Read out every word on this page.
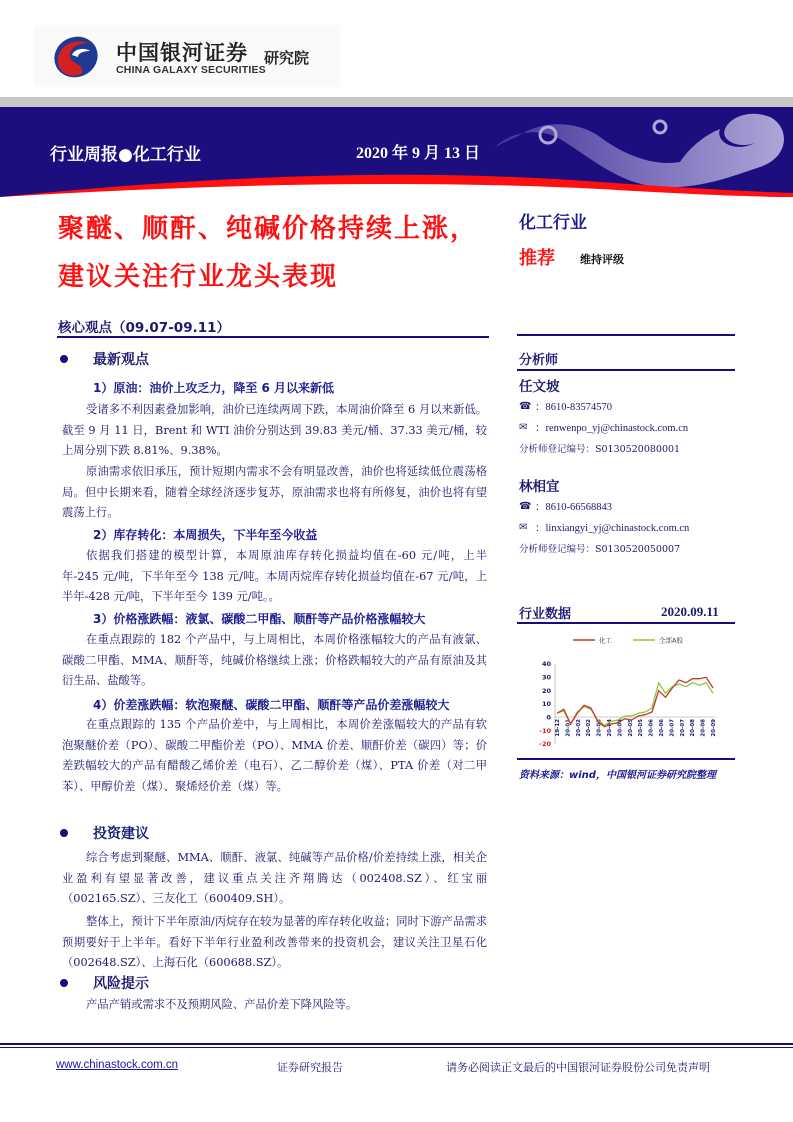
中国银河证券
CHINA GALAXY SECURITIES
研究院
行业周报●化工行业	2020 年 9 月 13 日
聚醚、顺酐、纯碱价格持续上涨，
建议关注行业龙头表现
核心观点（09.07-09.11）
化工行业
推荐 维持评级
分析师
任文坡
☎ ：8610-83574570
✉ ：renwenpo_yj@chinastock.com.cn
分析师登记编号：S0130520080001
林相宜
☎ ：8610-66568843
✉ ：linxiangyi_yj@chinastock.com.cn
分析师登记编号：S0130520050007
行业数据	2020.09.11
化工	全部A股
40
30
20
10
0
-10
-20
19-12 20-01 20-02 20-02 20-03 20-04 20-04 20-05 20-05 20-06 20-06 20-07 20-07 20-08 20-08 20-09
资料来源：wind，中国银河证券研究院整理
最新观点
1）原油：油价上攻乏力，降至 6 月以来新低
受诸多不利因素叠加影响，油价已连续两周下跌，本周油价降至 6 月以来新低。截至 9 月 11 日，Brent 和 WTI 油价分别达到 39.83 美元/桶、37.33 美元/桶，较上周分别下跌 8.81%、9.38%。
原油需求依旧承压，预计短期内需求不会有明显改善，油价也将延续低位震荡格局。但中长期来看，随着全球经济逐步复苏，原油需求也将有所修复，油价也将有望震荡上行。
2）库存转化：本周损失，下半年至今收益
依据我们搭建的模型计算，本周原油库存转化损益均值在-60 元/吨，上半年-245 元/吨，下半年至今 138 元/吨。本周丙烷库存转化损益均值在-67 元/吨，上半年-428 元/吨，下半年至今 139 元/吨。。
3）价格涨跌幅：液氯、碳酸二甲酯、顺酐等产品价格涨幅较大
在重点跟踪的 182 个产品中，与上周相比，本周价格涨幅较大的产品有液氯、碳酸二甲酯、MMA、顺酐等，纯碱价格继续上涨；价格跌幅较大的产品有原油及其衍生品、盐酸等。
4）价差涨跌幅：软泡聚醚、碳酸二甲酯、顺酐等产品价差涨幅较大
在重点跟踪的 135 个产品价差中，与上周相比，本周价差涨幅较大的产品有软泡聚醚价差（PO）、碳酸二甲酯价差（PO）、MMA 价差、顺酐价差（碳四）等；价差跌幅较大的产品有醋酸乙烯价差（电石）、乙二醇价差（煤）、PTA 价差（对二甲苯）、甲醇价差（煤）、聚烯烃价差（煤）等。
投资建议
综合考虑到聚醚、MMA、顺酐、液氯、纯碱等产品价格/价差持续上涨，相关企业盈利有望显著改善，建议重点关注齐翔腾达（002408.SZ）、红宝丽（002165.SZ）、三友化工（600409.SH）。
整体上，预计下半年原油/丙烷存在较为显著的库存转化收益；同时下游产品需求预期要好于上半年。看好下半年行业盈利改善带来的投资机会，建议关注卫星石化（002648.SZ）、上海石化（600688.SZ）。
风险提示
产品产销或需求不及预期风险、产品价差下降风险等。
www.chinastock.com.cn	证券研究报告	请务必阅读正文最后的中国银河证券股份公司免责声明
